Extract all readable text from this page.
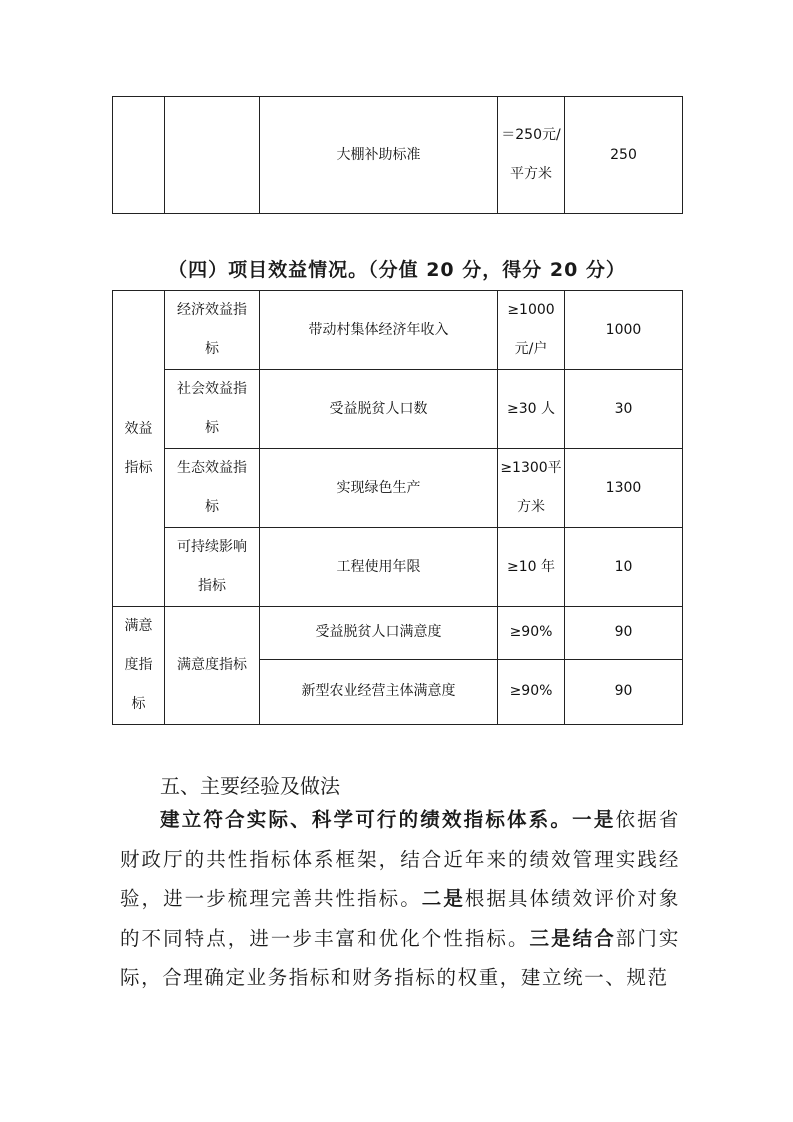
		大棚补助标准	＝250元/平方米	250
（四）项目效益情况。（分值 20 分，得分 20 分）
效益指标	经济效益指标	带动村集体经济年收入	≥1000元/户	1000
	社会效益指标	受益脱贫人口数	≥30 人	30
	生态效益指标	实现绿色生产	≥1300平方米	1300
	可持续影响指标	工程使用年限	≥10 年	10
满意度指标	满意度指标	受益脱贫人口满意度	≥90%	90
		新型农业经营主体满意度	≥90%	90
五、主要经验及做法

建立符合实际、科学可行的绩效指标体系。一是依据省财政厅的共性指标体系框架，结合近年来的绩效管理实践经验，进一步梳理完善共性指标。二是根据具体绩效评价对象的不同特点，进一步丰富和优化个性指标。三是结合部门实际，合理确定业务指标和财务指标的权重，建立统一、规范
